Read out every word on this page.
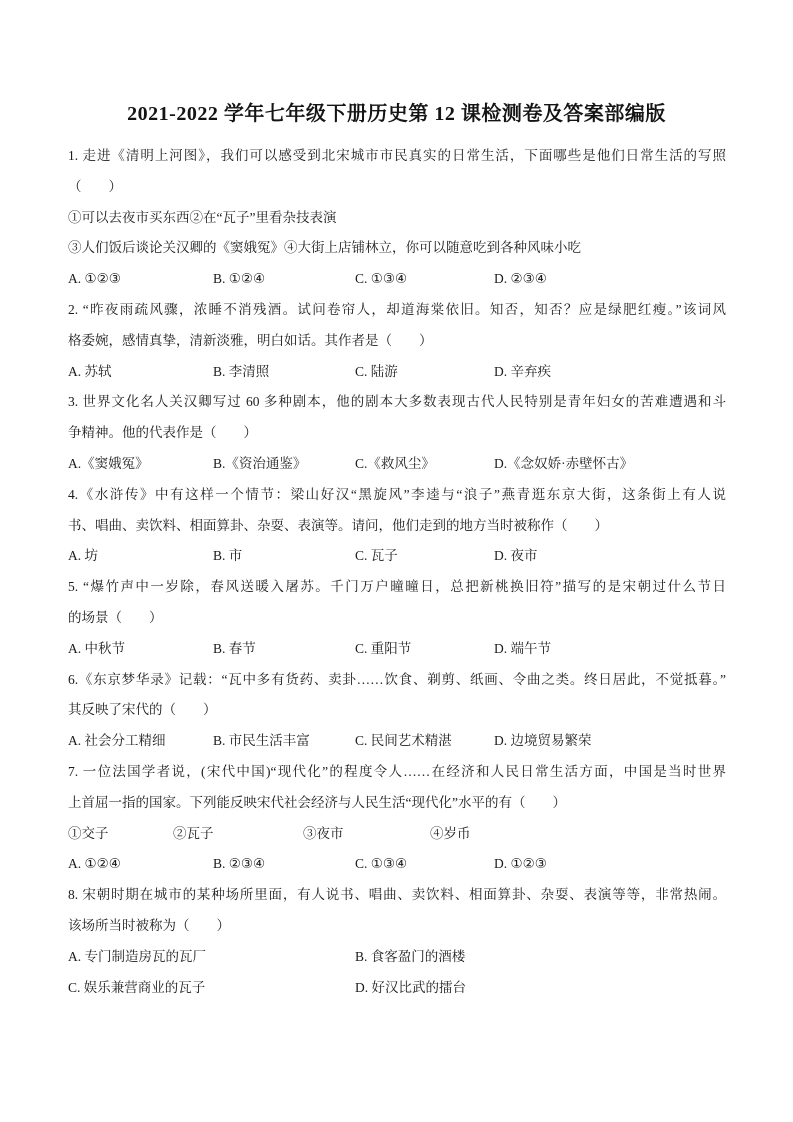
2021-2022 学年七年级下册历史第 12 课检测卷及答案部编版
1. 走进《清明上河图》，我们可以感受到北宋城市市民真实的日常生活，下面哪些是他们日常生活的写照
（　　）
①可以去夜市买东西②在“瓦子”里看杂技表演
③人们饭后谈论关汉卿的《窦娥冤》④大街上店铺林立，你可以随意吃到各种风味小吃
A. ①②③	B. ①②④	C. ①③④	D. ②③④
2. “昨夜雨疏风骤，浓睡不消残酒。试问卷帘人，却道海棠依旧。知否，知否？应是绿肥红瘦。”该词风
格委婉，感情真挚，清新淡雅，明白如话。其作者是（　　）
A. 苏轼	B. 李清照	C. 陆游	D. 辛弃疾
3. 世界文化名人关汉卿写过 60 多种剧本，他的剧本大多数表现古代人民特别是青年妇女的苦难遭遇和斗
争精神。他的代表作是（　　）
A.《窦娥冤》	B.《资治通鉴》	C.《救风尘》	D.《念奴娇·赤壁怀古》
4.《水浒传》中有这样一个情节：梁山好汉“黑旋风”李逵与“浪子”燕青逛东京大街，这条街上有人说
书、唱曲、卖饮料、相面算卦、杂耍、表演等。请问，他们走到的地方当时被称作（　　）
A. 坊	B. 市	C. 瓦子	D. 夜市
5. “爆竹声中一岁除，春风送暖入屠苏。千门万户曈曈日，总把新桃换旧符”描写的是宋朝过什么节日
的场景（　　）
A. 中秋节	B. 春节	C. 重阳节	D. 端午节
6.《东京梦华录》记载：“瓦中多有货药、卖卦……饮食、剃剪、纸画、令曲之类。终日居此，不觉抵暮。”
其反映了宋代的（　　）
A. 社会分工精细	B. 市民生活丰富	C. 民间艺术精湛	D. 边境贸易繁荣
7. 一位法国学者说，(宋代中国)“现代化”的程度令人……在经济和人民日常生活方面，中国是当时世界
上首屈一指的国家。下列能反映宋代社会经济与人民生活“现代化”水平的有（　　）
①交子	②瓦子	③夜市	④岁币
A. ①②④	B. ②③④	C. ①③④	D. ①②③
8. 宋朝时期在城市的某种场所里面，有人说书、唱曲、卖饮料、相面算卦、杂耍、表演等等，非常热闹。
该场所当时被称为（　　）
A. 专门制造房瓦的瓦厂	B. 食客盈门的酒楼
C. 娱乐兼营商业的瓦子	D. 好汉比武的擂台
